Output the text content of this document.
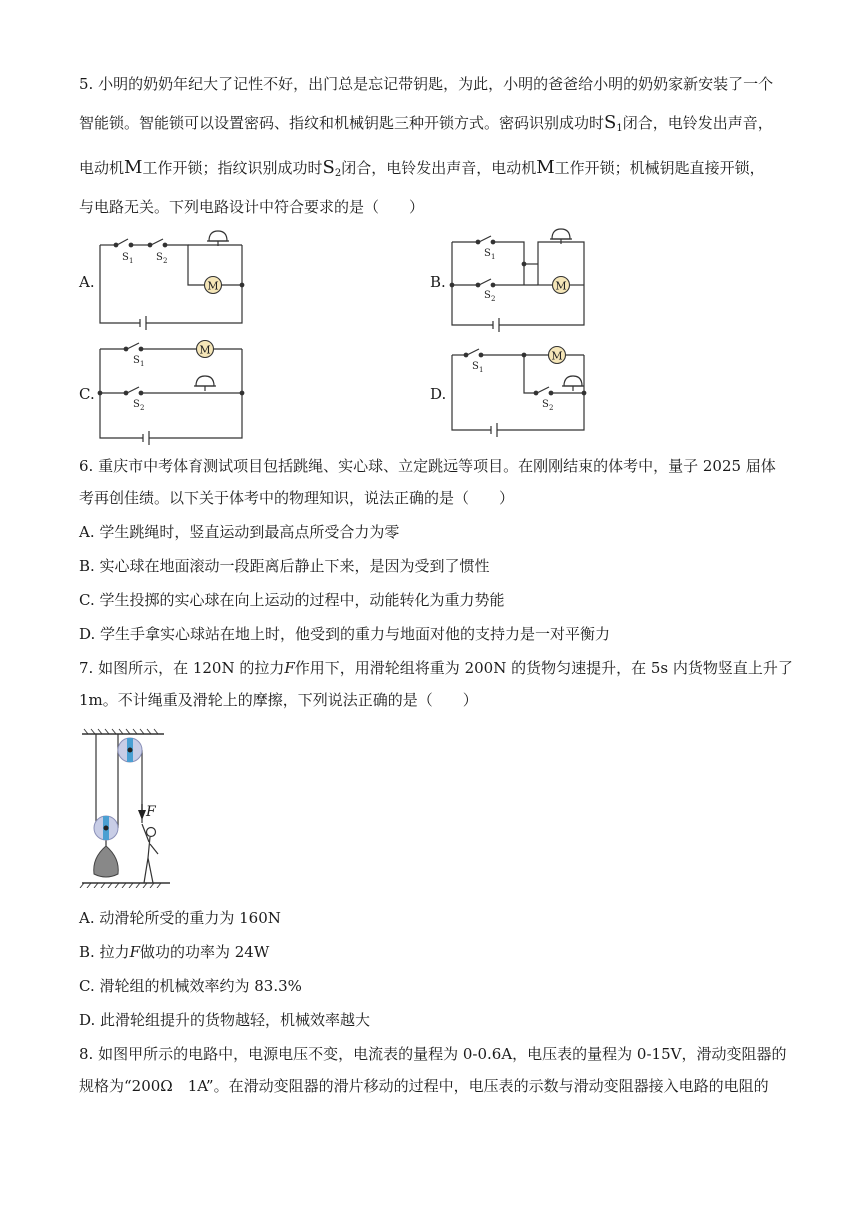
5. 小明的奶奶年纪大了记性不好，出门总是忘记带钥匙，为此，小明的爸爸给小明的奶奶家新安装了一个
智能锁。智能锁可以设置密码、指纹和机械钥匙三种开锁方式。密码识别成功时$S_1$闭合，电铃发出声音，
电动机M工作开锁；指纹识别成功时$S_2$闭合，电铃发出声音，电动机M工作开锁；机械钥匙直接开锁，
与电路无关。下列电路设计中符合要求的是（　　）
A.	B.
C.	D.
M	M
M	M
S 1 S 2
S 1
S 2
S 1
S 2
S 1
S 2
6. 重庆市中考体育测试项目包括跳绳、实心球、立定跳远等项目。在刚刚结束的体考中，量子 2025 届体
考再创佳绩。以下关于体考中的物理知识，说法正确的是（　　）
A. 学生跳绳时，竖直运动到最高点所受合力为零
B. 实心球在地面滚动一段距离后静止下来，是因为受到了惯性
C. 学生投掷的实心球在向上运动的过程中，动能转化为重力势能
D. 学生手拿实心球站在地上时，他受到的重力与地面对他的支持力是一对平衡力
7. 如图所示，在 120N 的拉力F作用下，用滑轮组将重为 200N 的货物匀速提升，在 5s 内货物竖直上升了
1m。不计绳重及滑轮上的摩擦，下列说法正确的是（　　）
F
A. 动滑轮所受的重力为 160N
B. 拉力F做功的功率为 24W
C. 滑轮组的机械效率约为 83.3%
D. 此滑轮组提升的货物越轻，机械效率越大
8. 如图甲所示的电路中，电源电压不变，电流表的量程为 0-0.6A，电压表的量程为 0-15V，滑动变阻器的
规格为“200Ω　1A”。在滑动变阻器的滑片移动的过程中，电压表的示数与滑动变阻器接入电路的电阻的
